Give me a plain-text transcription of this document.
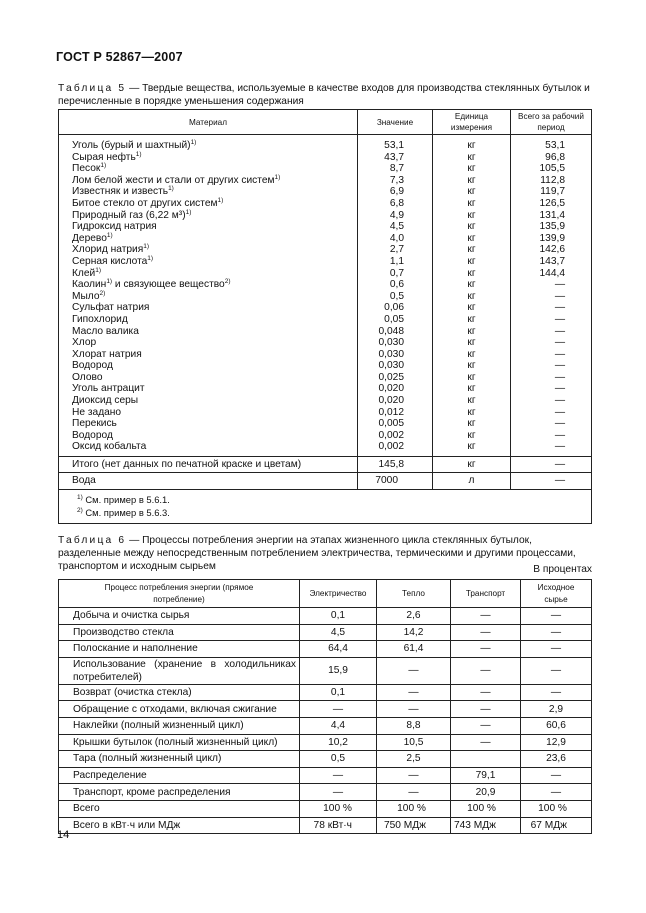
ГОСТ Р 52867—2007
Таблица 5 — Твердые вещества, используемые в качестве входов для производства стеклянных бутылок и перечисленные в порядке уменьшения содержания
Материал	Значение	Единица измерения	Всего за рабочий период
Уголь (бурый и шахтный)$^{1)}$	53,1	кг	53,1
Сырая нефть$^{1)}$	43,7	кг	96,8
Песок$^{1)}$	8,7	кг	105,5
Лом белой жести и стали от других систем$^{1)}$	7,3	кг	112,8
Известняк и известь$^{1)}$	6,9	кг	119,7
Битое стекло от других систем$^{1)}$	6,8	кг	126,5
Природный газ (6,22 м³)$^{1)}$	4,9	кг	131,4
Гидроксид натрия	4,5	кг	135,9
Дерево$^{1)}$	4,0	кг	139,9
Хлорид натрия$^{1)}$	2,7	кг	142,6
Серная кислота$^{1)}$	1,1	кг	143,7
Клей$^{1)}$	0,7	кг	144,4
Каолин$^{1)}$ и связующее вещество$^{2)}$	0,6	кг	—
Мыло$^{2)}$	0,5	кг	—
Сульфат натрия	0,06	кг	—
Гипохлорид	0,05	кг	—
Масло валика	0,048	кг	—
Хлор	0,030	кг	—
Хлорат натрия	0,030	кг	—
Водород	0,030	кг	—
Олово	0,025	кг	—
Уголь антрацит	0,020	кг	—
Диоксид серы	0,020	кг	—
Не задано	0,012	кг	—
Перекись	0,005	кг	—
Водород	0,002	кг	—
Оксид кобальта	0,002	кг	—
Итого (нет данных по печатной краске и цветам)	145,8	кг	—
Вода	7000	л	—

$^{1)}$ См. пример в 5.6.1.
$^{2)}$ См. пример в 5.6.3.			
Таблица 6 — Процессы потребления энергии на этапах жизненного цикла стеклянных бутылок, разделенные между непосредственным потреблением электричества, термическими и другими процессами, транспортом и исходным сырьем	В процентах
Процесс потребления энергии (прямое потребление)	Электричество	Тепло	Транспорт	Исходное сырье
Добыча и очистка сырья	0,1	2,6	—	—
Производство стекла	4,5	14,2	—	—
Полоскание и наполнение	64,4	61,4	—	—
Использование (хранение в холодильниках потребителей)	15,9	—	—	—
Возврат (очистка стекла)	0,1	—	—	—
Обращение с отходами, включая сжигание	—	—	—	2,9
Наклейки (полный жизненный цикл)	4,4	8,8	—	60,6
Крышки бутылок (полный жизненный цикл)	10,2	10,5	—	12,9
Тара (полный жизненный цикл)	0,5	2,5		23,6
Распределение	—	—	79,1	—
Транспорт, кроме распределения	—	—	20,9	—
Всего	100 %	100 %	100 %	100 %
Всего в кВт·ч или МДж	78 кВт·ч	750 МДж	743 МДж	67 МДж
14
